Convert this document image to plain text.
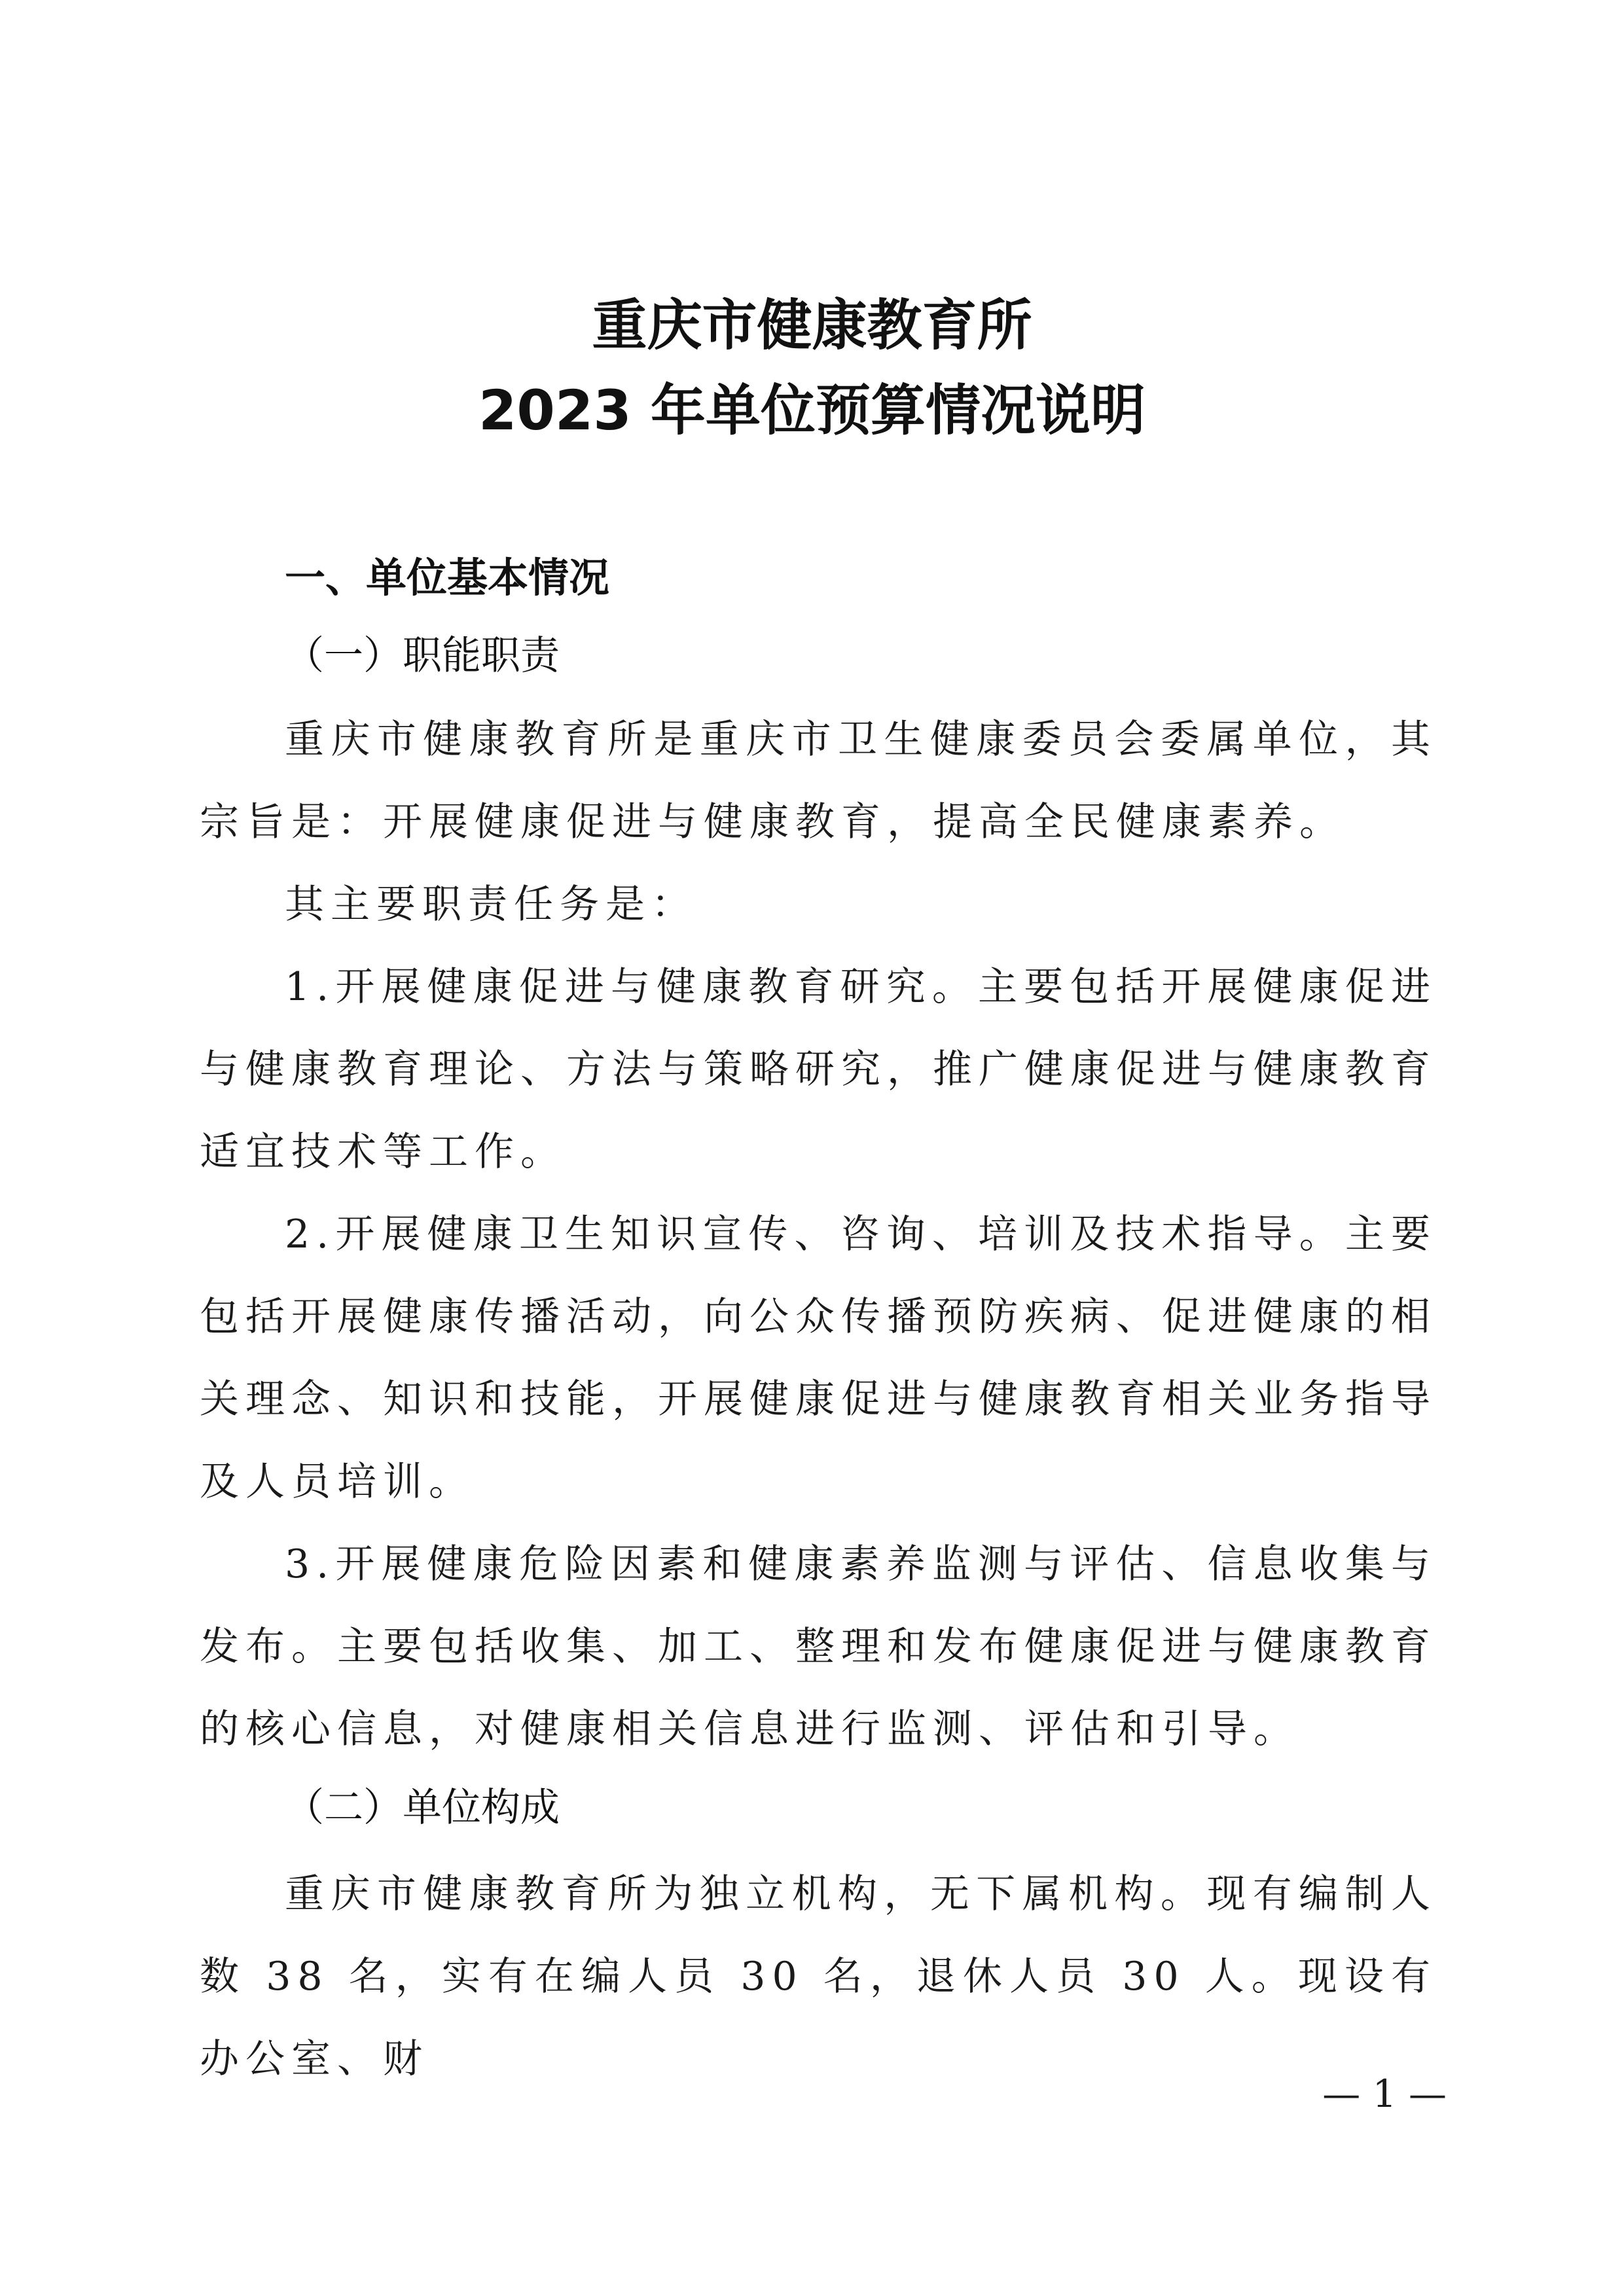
重庆市健康教育所
2023 年单位预算情况说明
一、单位基本情况
（一）职能职责

重庆市健康教育所是重庆市卫生健康委员会委属单位，其宗旨是：开展健康促进与健康教育，提高全民健康素养。

其主要职责任务是：

1.开展健康促进与健康教育研究。主要包括开展健康促进与健康教育理论、方法与策略研究，推广健康促进与健康教育适宜技术等工作。

2.开展健康卫生知识宣传、咨询、培训及技术指导。主要包括开展健康传播活动，向公众传播预防疾病、促进健康的相关理念、知识和技能，开展健康促进与健康教育相关业务指导及人员培训。

3.开展健康危险因素和健康素养监测与评估、信息收集与发布。主要包括收集、加工、整理和发布健康促进与健康教育的核心信息，对健康相关信息进行监测、评估和引导。

（二）单位构成

重庆市健康教育所为独立机构，无下属机构。现有编制人数 38 名，实有在编人员 30 名，退休人员 30 人。现设有办公室、财

— 1 —
